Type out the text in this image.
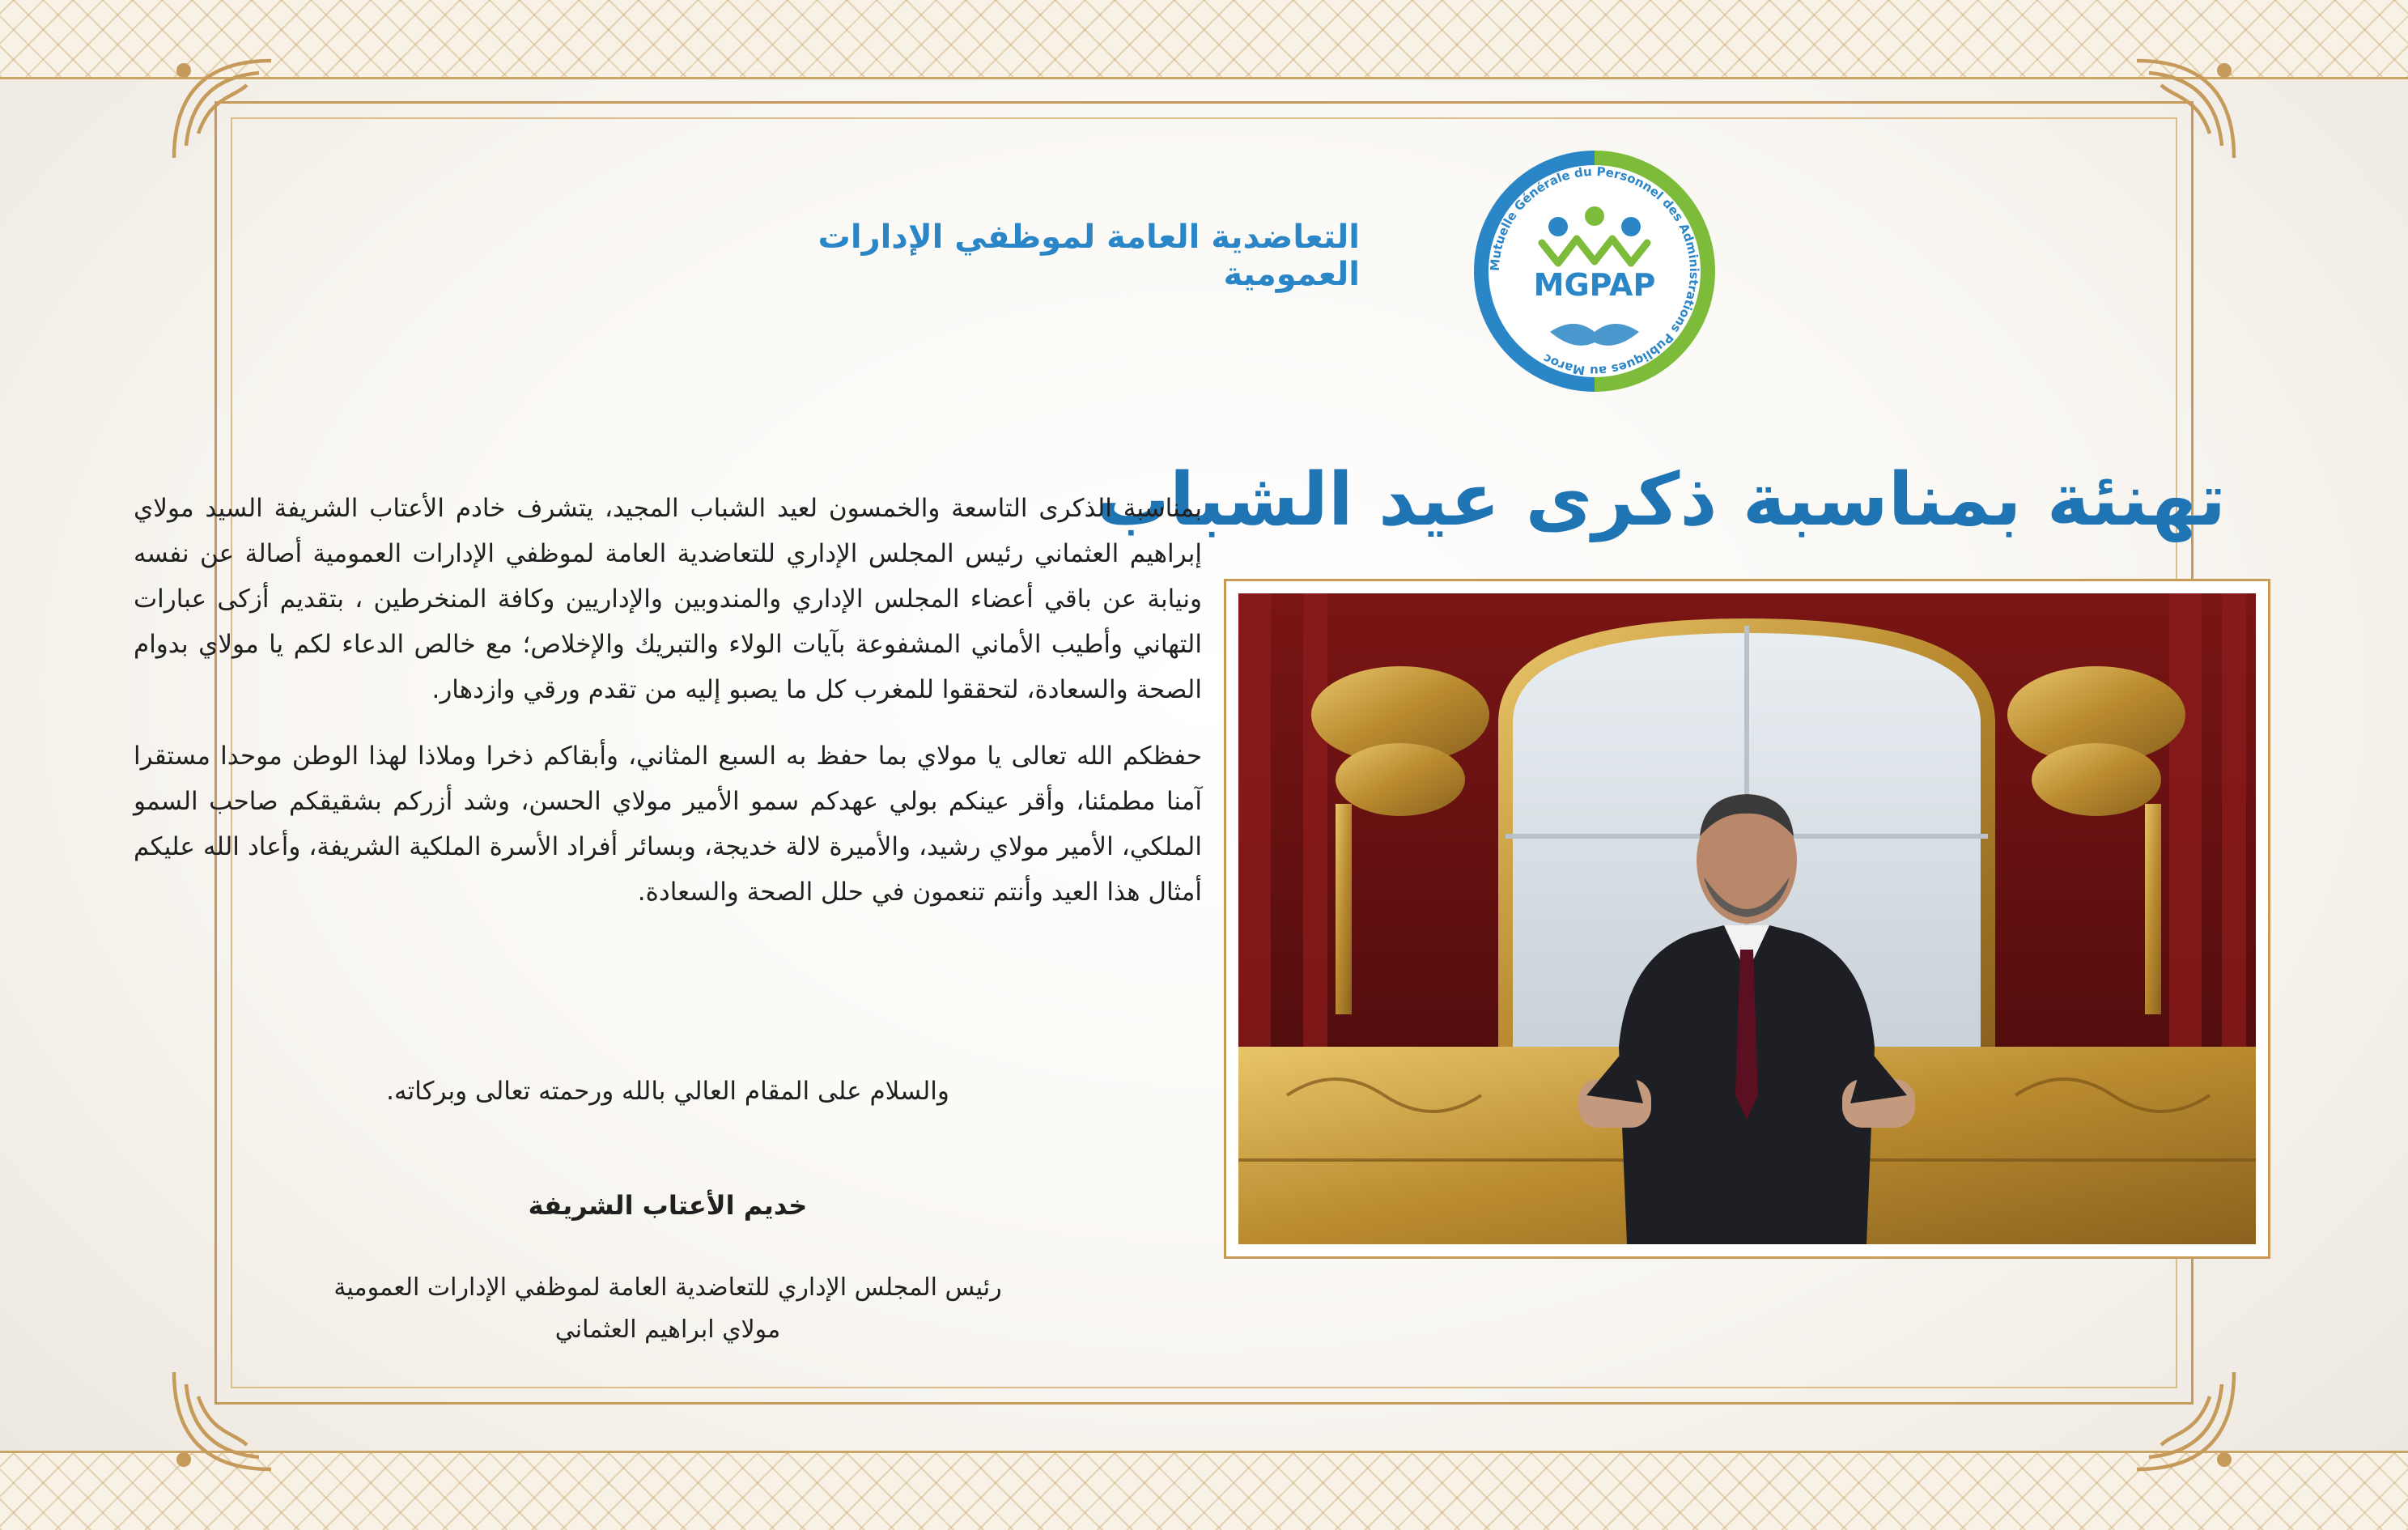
التعاضدية العامة لموظفي الإدارات العمومية	Mutuelle Générale du Personnel des Administrations Publiques au Maroc
MGPAP
تهنئة بمناسبة ذكرى عيد الشباب

بمناسبة الذكرى التاسعة والخمسون لعيد الشباب المجيد، يتشرف خادم الأعتاب الشريفة السيد مولاي إبراهيم العثماني رئيس المجلس الإداري للتعاضدية العامة لموظفي الإدارات العمومية أصالة عن نفسه ونيابة عن باقي أعضاء المجلس الإداري والمندوبين والإداريين وكافة المنخرطين ، بتقديم أزكى عبارات التهاني وأطيب الأماني المشفوعة بآيات الولاء والتبريك والإخلاص؛ مع خالص الدعاء لكم يا مولاي بدوام الصحة والسعادة، لتحققوا للمغرب كل ما يصبو إليه من تقدم ورقي وازدهار.

حفظكم الله تعالى يا مولاي بما حفظ به السبع المثاني، وأبقاكم ذخرا وملاذا لهذا الوطن موحدا مستقرا آمنا مطمئنا، وأقر عينكم بولي عهدكم سمو الأمير مولاي الحسن، وشد أزركم بشقيقكم صاحب السمو الملكي، الأمير مولاي رشيد، والأميرة لالة خديجة، وبسائر أفراد الأسرة الملكية الشريفة، وأعاد الله عليكم أمثال هذا العيد وأنتم تنعمون في حلل الصحة والسعادة.

والسلام على المقام العالي بالله ورحمته تعالى وبركاته.
خديم الأعتاب الشريفة
رئيس المجلس الإداري للتعاضدية العامة لموظفي الإدارات العمومية
مولاي ابراهيم العثماني
